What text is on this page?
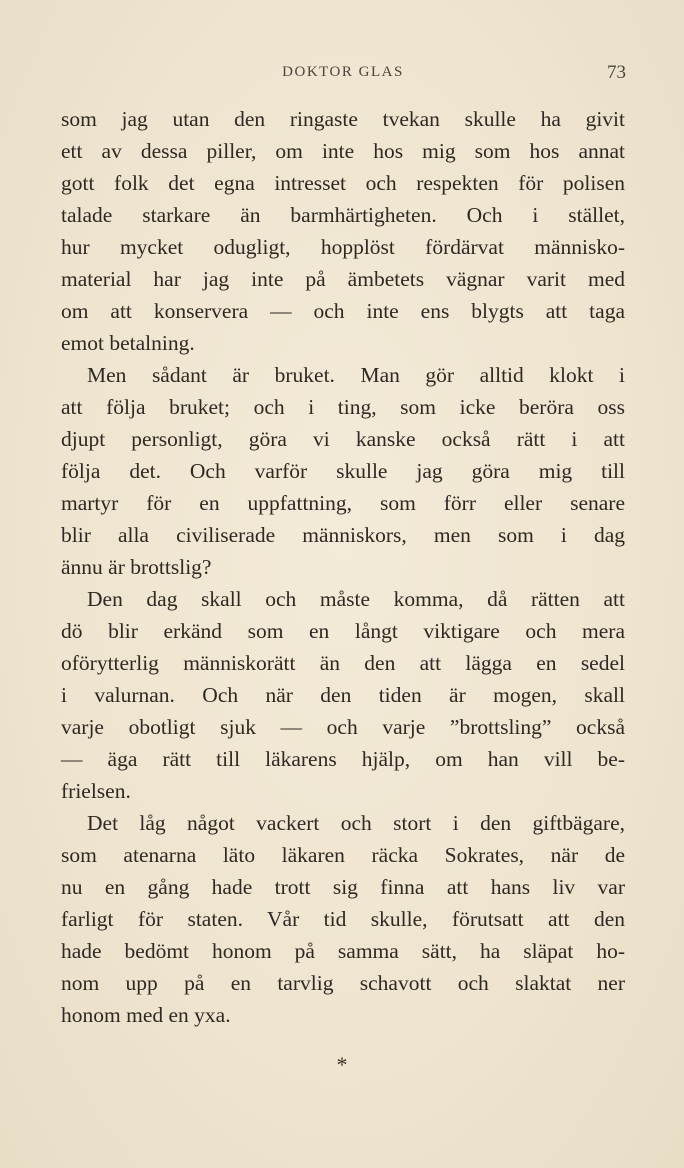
DOKTOR GLAS	73
som jag utan den ringaste tvekan skulle ha givit
ett av dessa piller, om inte hos mig som hos annat
gott folk det egna intresset och respekten för polisen
talade starkare än barmhärtigheten. Och i stället,
hur mycket odugligt, hopplöst fördärvat människo-
material har jag inte på ämbetets vägnar varit med
om att konservera — och inte ens blygts att taga
emot betalning.
Men sådant är bruket. Man gör alltid klokt i
att följa bruket; och i ting, som icke beröra oss
djupt personligt, göra vi kanske också rätt i att
följa det. Och varför skulle jag göra mig till
martyr för en uppfattning, som förr eller senare
blir alla civiliserade människors, men som i dag
ännu är brottslig?
Den dag skall och måste komma, då rätten att
dö blir erkänd som en långt viktigare och mera
oförytterlig människorätt än den att lägga en sedel
i valurnan. Och när den tiden är mogen, skall
varje obotligt sjuk — och varje ”brottsling” också
— äga rätt till läkarens hjälp, om han vill be-
frielsen.
Det låg något vackert och stort i den giftbägare,
som atenarna läto läkaren räcka Sokrates, när de
nu en gång hade trott sig finna att hans liv var
farligt för staten. Vår tid skulle, förutsatt att den
hade bedömt honom på samma sätt, ha släpat ho-
nom upp på en tarvlig schavott och slaktat ner
honom med en yxa.
*
